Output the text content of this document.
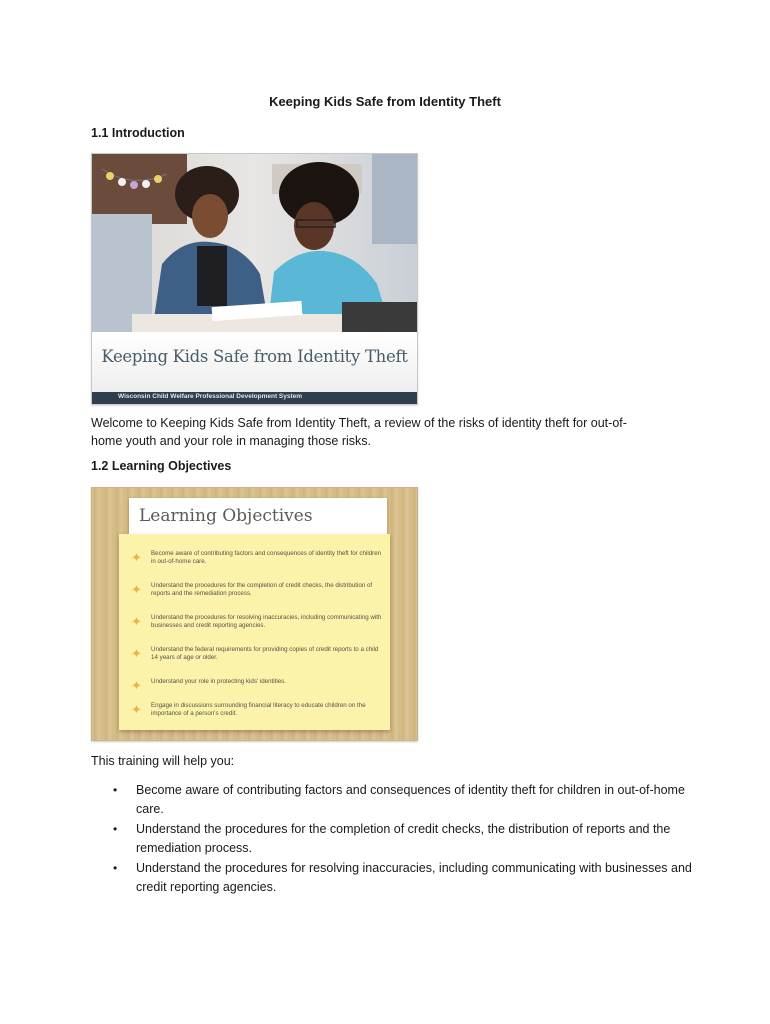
Keeping Kids Safe from Identity Theft
1.1 Introduction
Keeping Kids Safe from Identity Theft
Wisconsin Child Welfare Professional Development System
Welcome to Keeping Kids Safe from Identity Theft, a review of the risks of identity theft for out-of-
home youth and your role in managing those risks.
1.2 Learning Objectives
Learning Objectives
✦ Become aware of contributing factors and consequences of identity theft for children in out-of-home care.
✦ Understand the procedures for the completion of credit checks, the distribution of reports and the remediation process.
✦ Understand the procedures for resolving inaccuracies, including communicating with businesses and credit reporting agencies.
✦ Understand the federal requirements for providing copies of credit reports to a child 14 years of age or older.
✦ Understand your role in protecting kids' identities.
✦ Engage in discussions surrounding financial literacy to educate children on the importance of a person's credit.
This training will help you:
• Become aware of contributing factors and consequences of identity theft for children in out-of-home care.
• Understand the procedures for the completion of credit checks, the distribution of reports and the remediation process.
• Understand the procedures for resolving inaccuracies, including communicating with businesses and credit reporting agencies.
